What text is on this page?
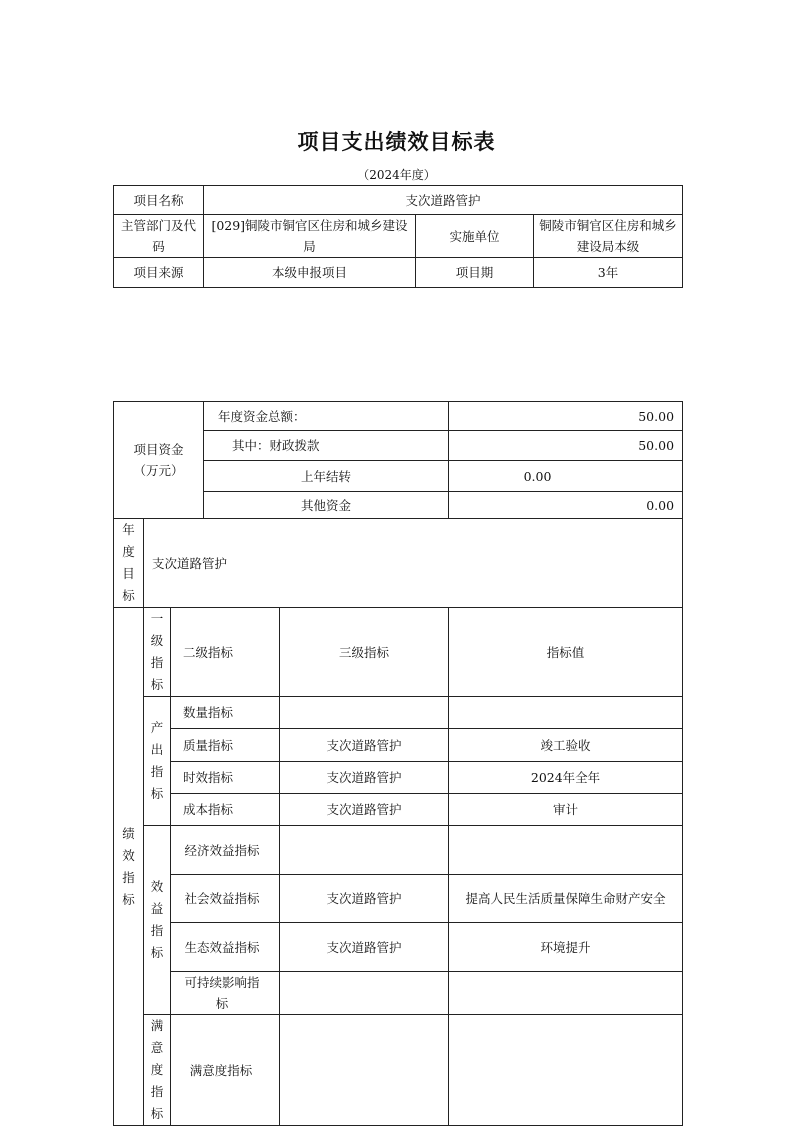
项目支出绩效目标表
（2024年度）
项目名称	支次道路管护		
主管部门及代码	[029]铜陵市铜官区住房和城乡建设局	实施单位	铜陵市铜官区住房和城乡建设局本级
项目来源	本级申报项目	项目期	3年
项目资金（万元）			年度资金总额：		50.00
			其中：财政拨款		50.00
			上年结转		0.00
			其他资金		0.00

年度目标	支次道路管护				

绩效指标	一级指标	二级指标		三级指标	指标值

	产出指标	数量指标			
		质量指标		支次道路管护	竣工验收
		时效指标		支次道路管护	2024年全年
		成本指标		支次道路管护	审计

	效益指标	经济效益指标			
		社会效益指标		支次道路管护	提高人民生活质量保障生命财产安全
		生态效益指标		支次道路管护	环境提升
		可持续影响指标			

	满意度指标	满意度指标			
